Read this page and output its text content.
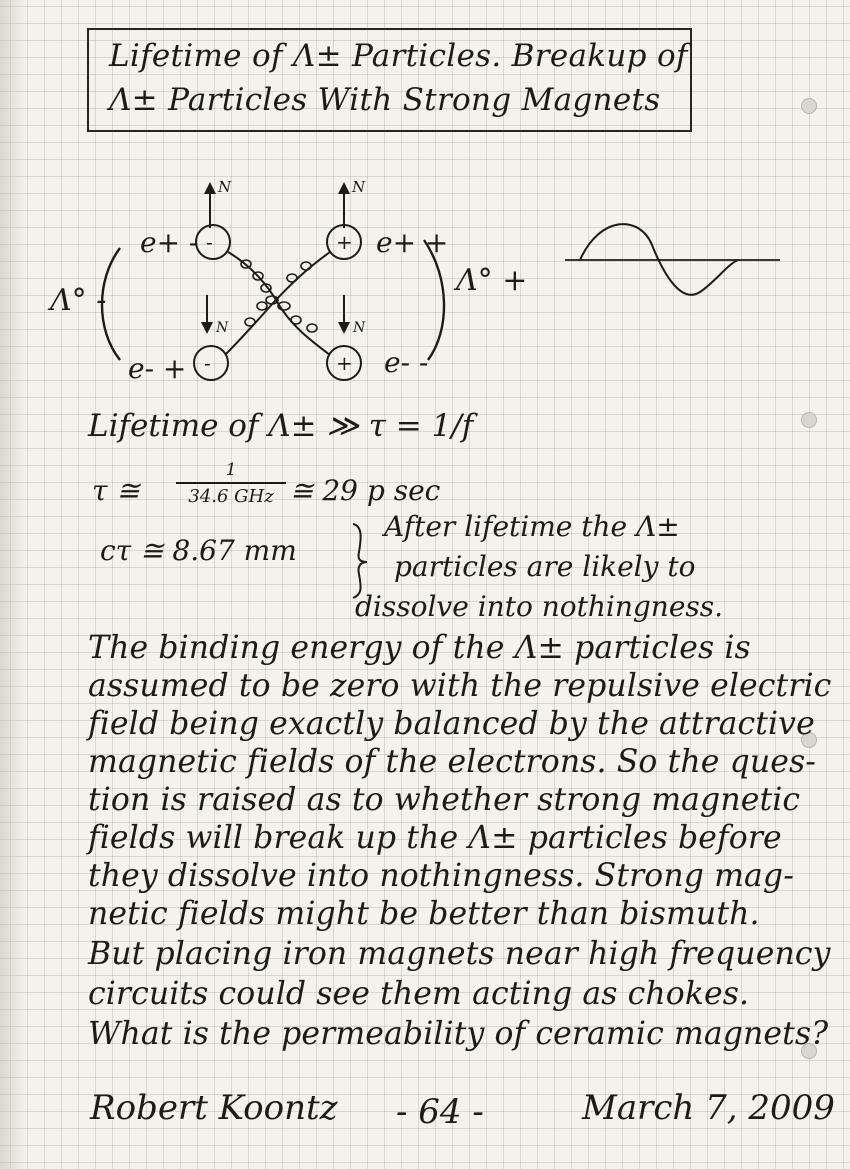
Lifetime of Λ± Particles. Breakup of
Λ± Particles With Strong Magnets
N	N
-	+
N	N
-	+
e+ -	e+ +
e- +	e- -
Λ° -
Λ° +
Lifetime of Λ± ≫ τ = 1/f
τ ≅
1
34.6 GHz ≅ 29 p sec
cτ ≅ 8.67 mm
After lifetime the Λ±
particles are likely to
dissolve into nothingness.
The binding energy of the Λ± particles is
assumed to be zero with the repulsive electric
field being exactly balanced by the attractive
magnetic fields of the electrons. So the ques-
tion is raised as to whether strong magnetic
fields will break up the Λ± particles before
they dissolve into nothingness. Strong mag-
netic fields might be better than bismuth.
But placing iron magnets near high frequency
circuits could see them acting as chokes.
What is the permeability of ceramic magnets?
Robert Koontz - 64 -	March 7, 2009
